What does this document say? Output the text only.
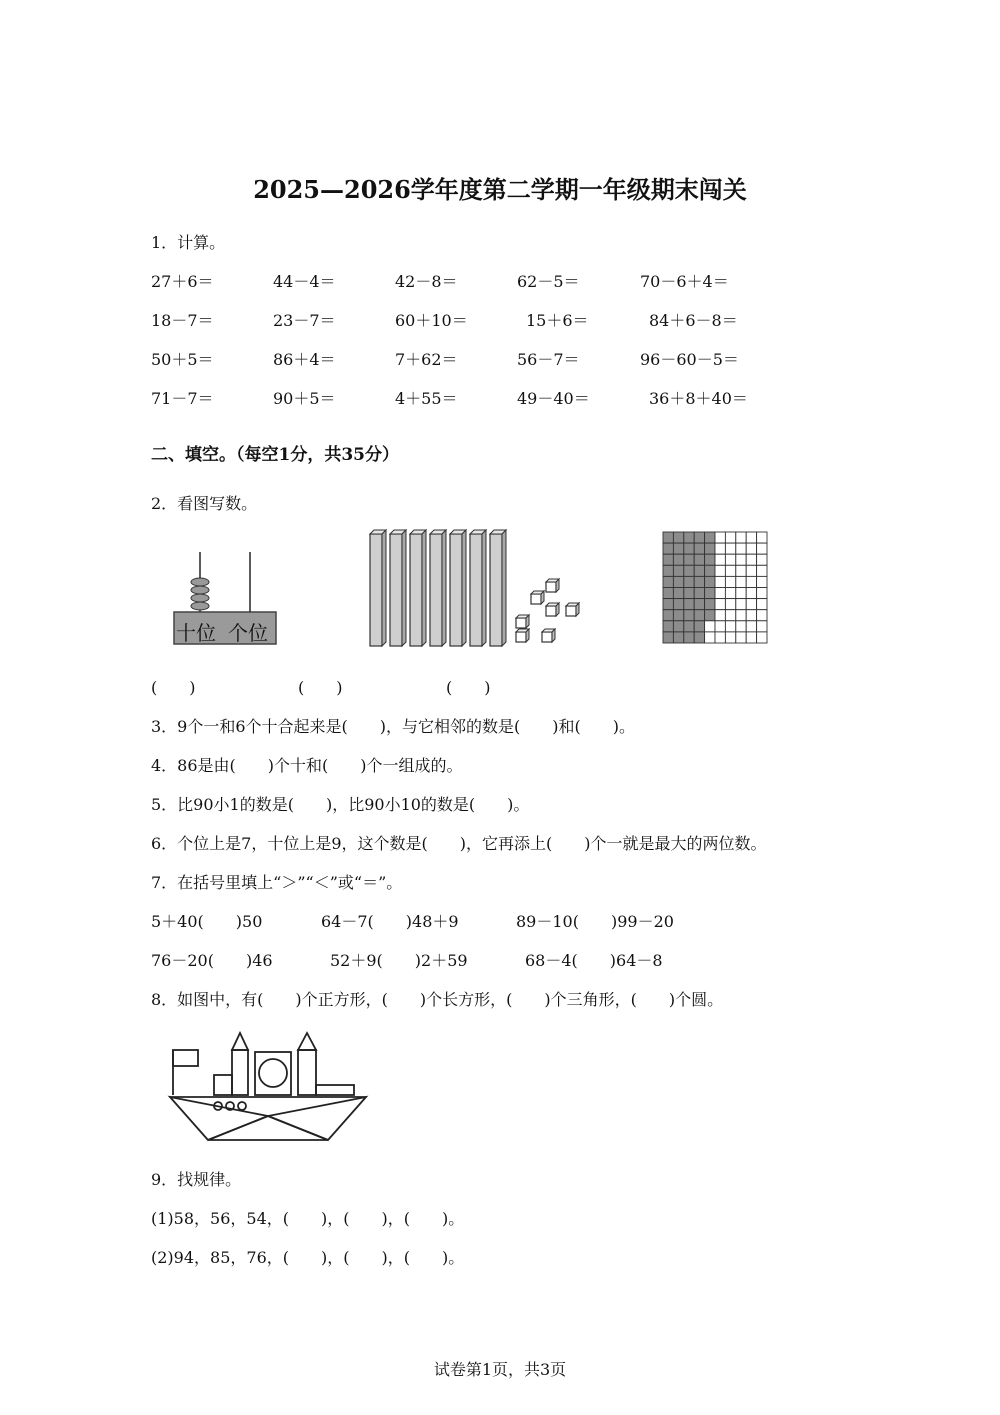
2025—2026学年度第二学期一年级期末闯关
1．计算。
27＋6＝	44－4＝	42－8＝	62－5＝	70－6＋4＝
18－7＝	23－7＝	60＋10＝	15＋6＝	84＋6－8＝
50＋5＝	86＋4＝	7＋62＝	56－7＝	96－60－5＝
71－7＝	90＋5＝	4＋55＝	49－40＝	36＋8＋40＝
二、填空。（每空1分，共35分）
2．看图写数。
十位 个位
(　　)	(　　)	(　　)
3．9个一和6个十合起来是(　　)，与它相邻的数是(　　)和(　　)。
4．86是由(　　)个十和(　　)个一组成的。
5．比90小1的数是(　　)，比90小10的数是(　　)。
6．个位上是7，十位上是9，这个数是(　　)，它再添上(　　)个一就是最大的两位数。
7．在括号里填上“＞”“＜”或“＝”。
5＋40(　　)50	64－7(　　)48＋9	89－10(　　)99－20
76－20(　　)46	52＋9(　　)2＋59	68－4(　　)64－8
8．如图中，有(　　)个正方形，(　　)个长方形，(　　)个三角形，(　　)个圆。
9．找规律。
(1)58，56，54，(　　)，(　　)，(　　)。
(2)94，85，76，(　　)，(　　)，(　　)。
试卷第1页，共3页
